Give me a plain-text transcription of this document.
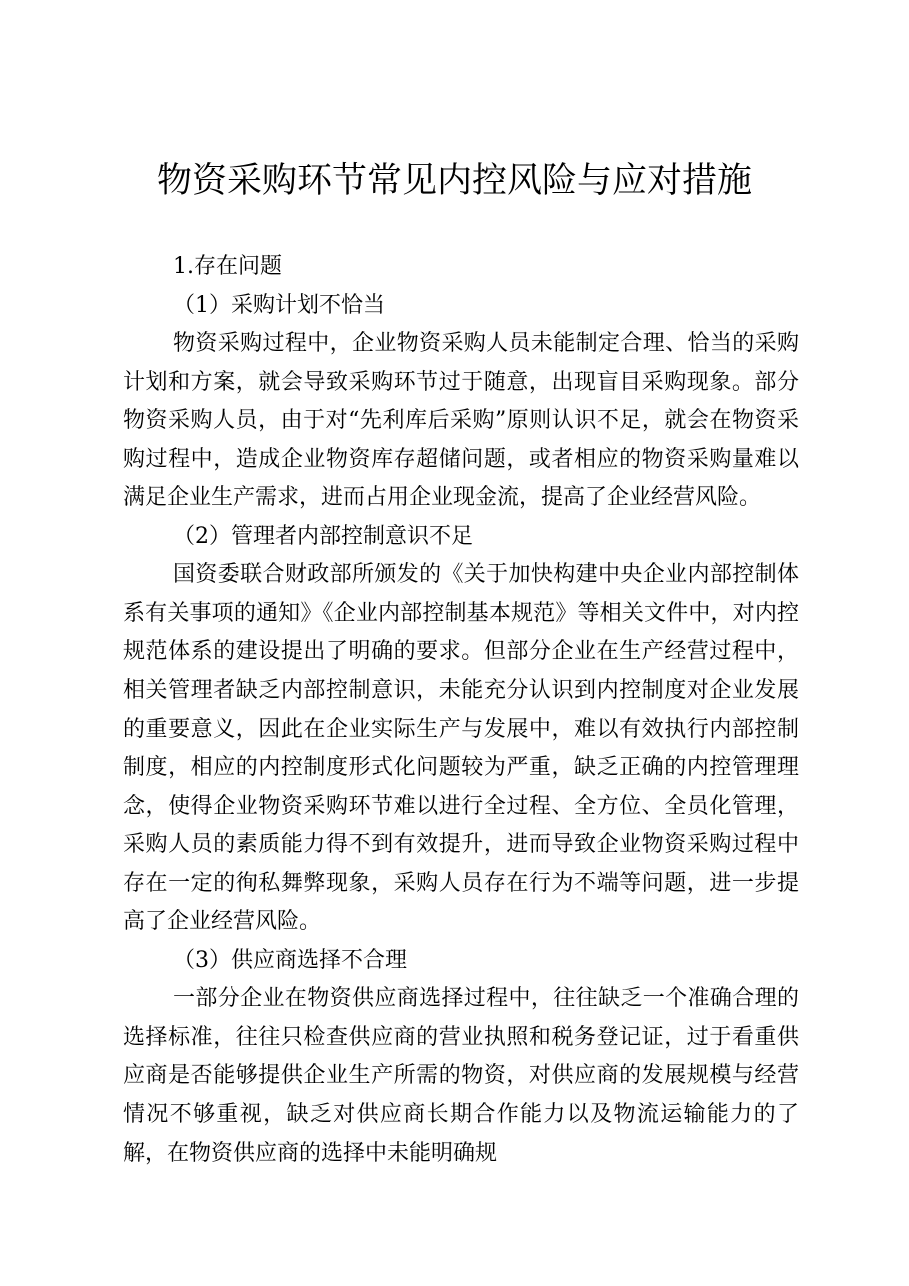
物资采购环节常见内控风险与应对措施

1.存在问题

（1）采购计划不恰当

物资采购过程中，企业物资采购人员未能制定合理、恰当的采购计划和方案，就会导致采购环节过于随意，出现盲目采购现象。部分物资采购人员，由于对“先利库后采购”原则认识不足，就会在物资采购过程中，造成企业物资库存超储问题，或者相应的物资采购量难以满足企业生产需求，进而占用企业现金流，提高了企业经营风险。

（2）管理者内部控制意识不足

国资委联合财政部所颁发的《关于加快构建中央企业内部控制体系有关事项的通知》《企业内部控制基本规范》等相关文件中，对内控规范体系的建设提出了明确的要求。但部分企业在生产经营过程中，相关管理者缺乏内部控制意识，未能充分认识到内控制度对企业发展的重要意义，因此在企业实际生产与发展中，难以有效执行内部控制制度，相应的内控制度形式化问题较为严重，缺乏正确的内控管理理念，使得企业物资采购环节难以进行全过程、全方位、全员化管理，采购人员的素质能力得不到有效提升，进而导致企业物资采购过程中存在一定的徇私舞弊现象，采购人员存在行为不端等问题，进一步提高了企业经营风险。

（3）供应商选择不合理

一部分企业在物资供应商选择过程中，往往缺乏一个准确合理的选择标准，往往只检查供应商的营业执照和税务登记证，过于看重供应商是否能够提供企业生产所需的物资，对供应商的发展规模与经营情况不够重视，缺乏对供应商长期合作能力以及物流运输能力的了解，在物资供应商的选择中未能明确规
